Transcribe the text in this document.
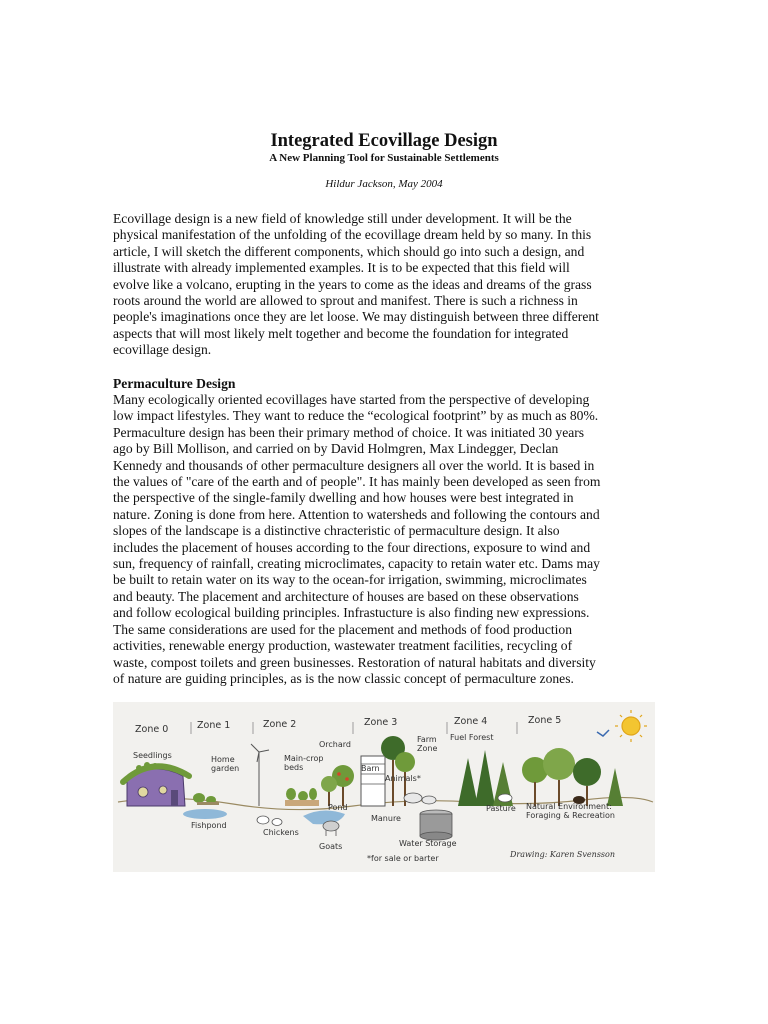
Integrated Ecovillage Design
A New Planning Tool for Sustainable Settlements
Hildur Jackson, May 2004
Ecovillage design is a new field of knowledge still under development. It will be the
physical manifestation of the unfolding of the ecovillage dream held by so many. In this
article, I will sketch the different components, which should go into such a design, and
illustrate with already implemented examples. It is to be expected that this field will
evolve like a volcano, erupting in the years to come as the ideas and dreams of the grass
roots around the world are allowed to sprout and manifest. There is such a richness in
people's imaginations once they are let loose. We may distinguish between three different
aspects that will most likely melt together and become the foundation for integrated
ecovillage design.
Permaculture Design
Many ecologically oriented ecovillages have started from the perspective of developing
low impact lifestyles. They want to reduce the “ecological footprint” by as much as 80%.
Permaculture design has been their primary method of choice. It was initiated 30 years
ago by Bill Mollison, and carried on by David Holmgren, Max Lindegger, Declan
Kennedy and thousands of other permaculture designers all over the world. It is based in
the values of "care of the earth and of people". It has mainly been developed as seen from
the perspective of the single-family dwelling and how houses were best integrated in
nature. Zoning is done from here. Attention to watersheds and following the contours and
slopes of the landscape is a distinctive chracteristic of permaculture design. It also
includes the placement of houses according to the four directions, exposure to wind and
sun, frequency of rainfall, creating microclimates, capacity to retain water etc. Dams may
be built to retain water on its way to the ocean-for irrigation, swimming, microclimates
and beauty. The placement and architecture of houses are based on these observations
and follow ecological building principles. Infrastucture is also finding new expressions.
The same considerations are used for the placement and methods of food production
activities, renewable energy production, wastewater treatment facilities, recycling of
waste, compost toilets and green businesses. Restoration of natural habitats and diversity
of nature are guiding principles, as is the now classic concept of permaculture zones.
Zone 0	Zone 1	Zone 2	Zone 3	Zone 4	Zone 5
Seedlings	Home
garden
Main-crop
beds
Orchard
Farm
Zone
Fuel Forest
Barn
Animals*
Pond
Fishpond
Chickens
Goats
Manure
Water Storage
*for sale or barter
Pasture Natural Environment:
Foraging & Recreation
Drawing: Karen Svensson
